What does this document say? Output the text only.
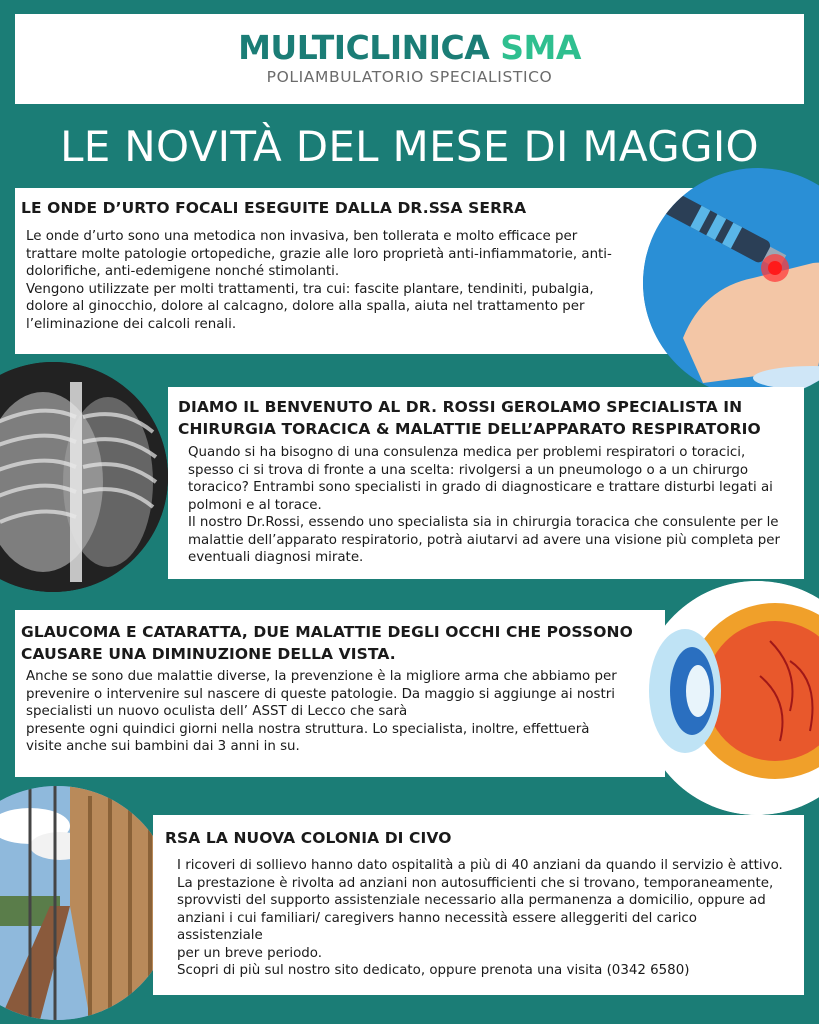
MULTICLINICA SMA
POLIAMBULATORIO SPECIALISTICO
LE NOVITÀ DEL MESE DI MAGGIO
LE ONDE D’URTO FOCALI ESEGUITE DALLA DR.SSA SERRA

Le onde d’urto sono una metodica non invasiva, ben tollerata e molto efficace per
trattare molte patologie ortopediche, grazie alle loro proprietà anti-infiammatorie, anti-
dolorifiche, anti-edemigene nonché stimolanti.
Vengono utilizzate per molti trattamenti, tra cui: fascite plantare, tendiniti, pubalgia,
dolore al ginocchio, dolore al calcagno, dolore alla spalla, aiuta nel trattamento per
l’eliminazione dei calcoli renali.

DIAMO IL BENVENUTO AL DR. ROSSI GEROLAMO SPECIALISTA IN
CHIRURGIA TORACICA & MALATTIE DELL’APPARATO RESPIRATORIO

Quando si ha bisogno di una consulenza medica per problemi respiratori o toracici,
spesso ci si trova di fronte a una scelta: rivolgersi a un pneumologo o a un chirurgo
toracico? Entrambi sono specialisti in grado di diagnosticare e trattare disturbi legati ai
polmoni e al torace.
Il nostro Dr.Rossi, essendo uno specialista sia in chirurgia toracica che consulente per le
malattie dell’apparato respiratorio, potrà aiutarvi ad avere una visione più completa per
eventuali diagnosi mirate.

GLAUCOMA E CATARATTA, DUE MALATTIE DEGLI OCCHI CHE POSSONO
CAUSARE UNA DIMINUZIONE DELLA VISTA.

Anche se sono due malattie diverse, la prevenzione è la migliore arma che abbiamo per
prevenire o intervenire sul nascere di queste patologie. Da maggio si aggiunge ai nostri
specialisti un nuovo oculista dell’ ASST di Lecco che sarà
presente ogni quindici giorni nella nostra struttura. Lo specialista, inoltre, effettuerà
visite anche sui bambini dai 3 anni in su.

RSA LA NUOVA COLONIA DI CIVO

I ricoveri di sollievo hanno dato ospitalità a più di 40 anziani da quando il servizio è attivo.
La prestazione è rivolta ad anziani non autosufficienti che si trovano, temporaneamente,
sprovvisti del supporto assistenziale necessario alla permanenza a domicilio, oppure ad
anziani i cui familiari/ caregivers hanno necessità essere alleggeriti del carico
assistenziale
per un breve periodo.
Scopri di più sul nostro sito dedicato, oppure prenota una visita (0342 6580)
